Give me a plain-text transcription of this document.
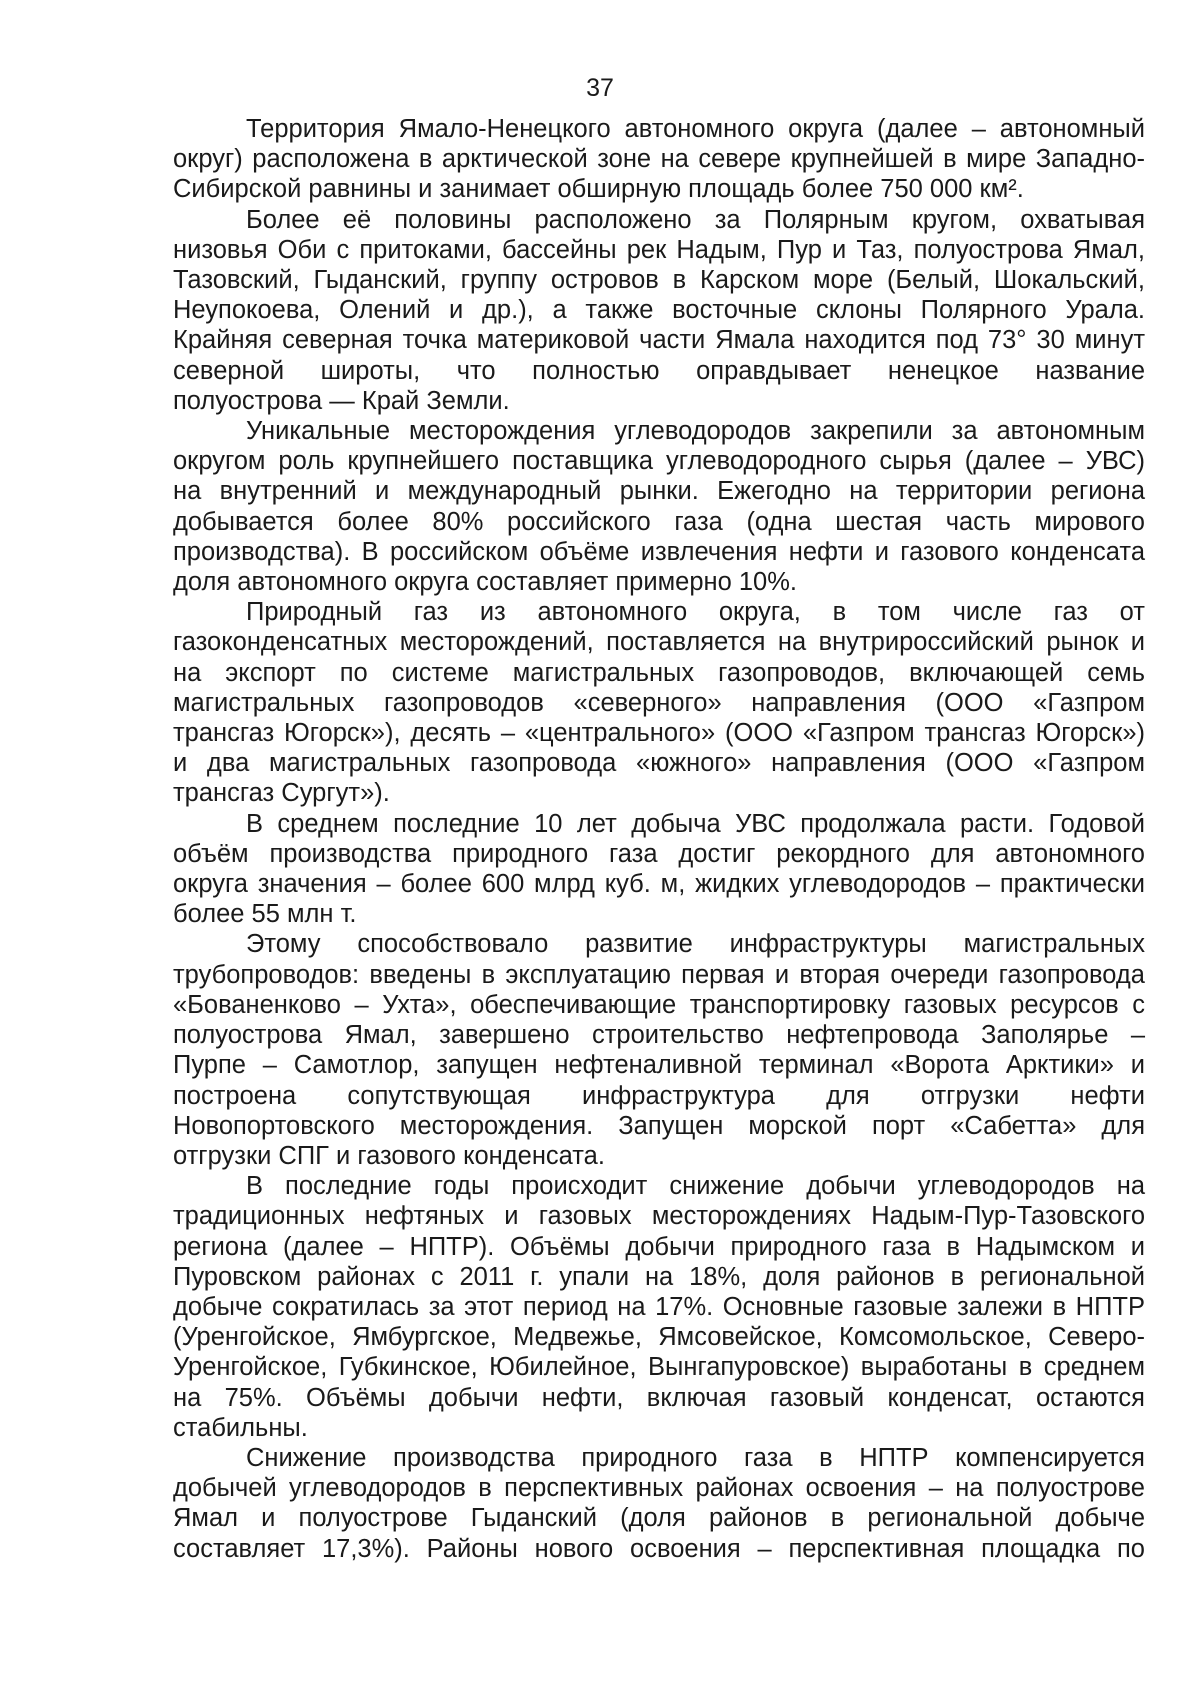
37
Территория Ямало-Ненецкого автономного округа (далее – автономный
округ) расположена в арктической зоне на севере крупнейшей в мире Западно-
Сибирской равнины и занимает обширную площадь более 750 000 км².
Более её половины расположено за Полярным кругом, охватывая
низовья Оби с притоками, бассейны рек Надым, Пур и Таз, полуострова Ямал,
Тазовский, Гыданский, группу островов в Карском море (Белый, Шокальский,
Неупокоева, Олений и др.), а также восточные склоны Полярного Урала.
Крайняя северная точка материковой части Ямала находится под 73° 30 минут
северной широты, что полностью оправдывает ненецкое название
полуострова — Край Земли.
Уникальные месторождения углеводородов закрепили за автономным
округом роль крупнейшего поставщика углеводородного сырья (далее – УВС)
на внутренний и международный рынки. Ежегодно на территории региона
добывается более 80% российского газа (одна шестая часть мирового
производства). В российском объёме извлечения нефти и газового конденсата
доля автономного округа составляет примерно 10%.
Природный газ из автономного округа, в том числе газ от
газоконденсатных месторождений, поставляется на внутрироссийский рынок и
на экспорт по системе магистральных газопроводов, включающей семь
магистральных газопроводов «северного» направления (ООО «Газпром
трансгаз Югорск»), десять – «центрального» (ООО «Газпром трансгаз Югорск»)
и два магистральных газопровода «южного» направления (ООО «Газпром
трансгаз Сургут»).
В среднем последние 10 лет добыча УВС продолжала расти. Годовой
объём производства природного газа достиг рекордного для автономного
округа значения – более 600 млрд куб. м, жидких углеводородов – практически
более 55 млн т.
Этому способствовало развитие инфраструктуры магистральных
трубопроводов: введены в эксплуатацию первая и вторая очереди газопровода
«Бованенково – Ухта», обеспечивающие транспортировку газовых ресурсов с
полуострова Ямал, завершено строительство нефтепровода Заполярье –
Пурпе – Самотлор, запущен нефтеналивной терминал «Ворота Арктики» и
построена сопутствующая инфраструктура для отгрузки нефти
Новопортовского месторождения. Запущен морской порт «Сабетта» для
отгрузки СПГ и газового конденсата.
В последние годы происходит снижение добычи углеводородов на
традиционных нефтяных и газовых месторождениях Надым-Пур-Тазовского
региона (далее – НПТР). Объёмы добычи природного газа в Надымском и
Пуровском районах с 2011 г. упали на 18%, доля районов в региональной
добыче сократилась за этот период на 17%. Основные газовые залежи в НПТР
(Уренгойское, Ямбургское, Медвежье, Ямсовейское, Комсомольское, Северо-
Уренгойское, Губкинское, Юбилейное, Вынгапуровское) выработаны в среднем
на 75%. Объёмы добычи нефти, включая газовый конденсат, остаются
стабильны.
Снижение производства природного газа в НПТР компенсируется
добычей углеводородов в перспективных районах освоения – на полуострове
Ямал и полуострове Гыданский (доля районов в региональной добыче
составляет 17,3%). Районы нового освоения – перспективная площадка по
